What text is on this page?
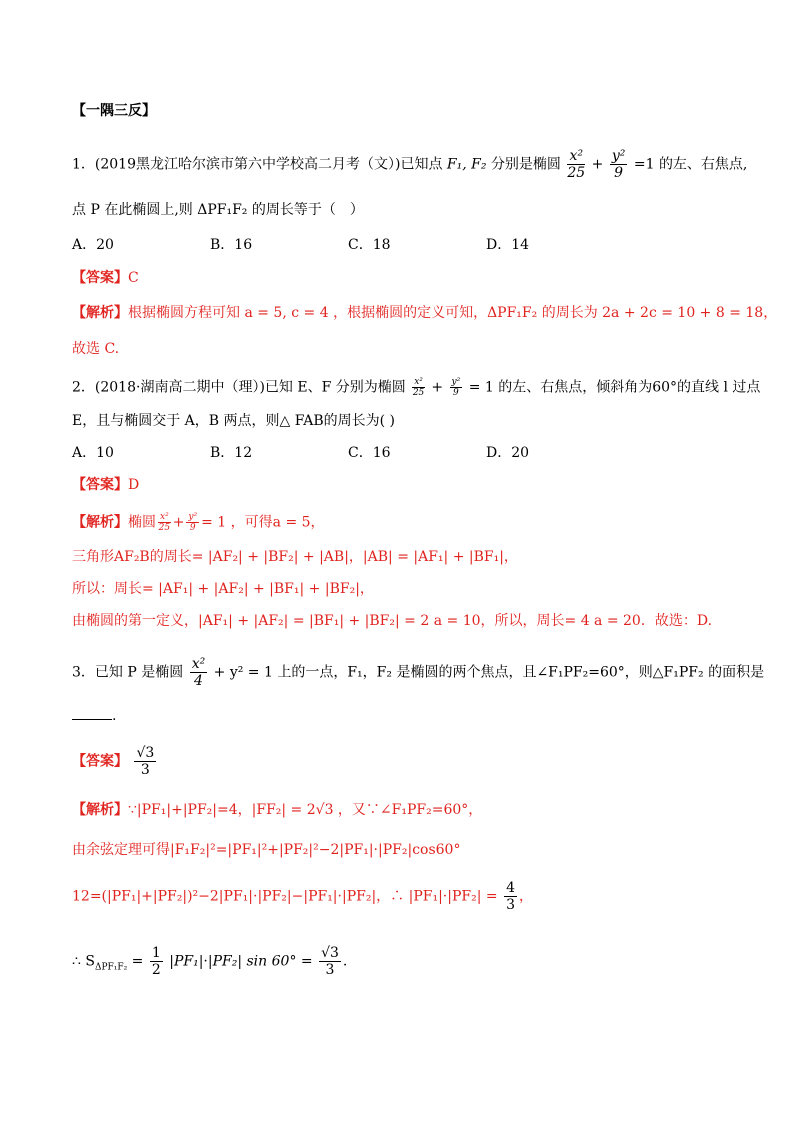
【一隅三反】
1．(2019黑龙江哈尔滨市第六中学校高二月考（文）)已知点 F₁, F₂ 分别是椭圆 $\frac{\text{x²}}{25} + \frac{\text{y²}}{9} =1$ 的左、右焦点,
点 P 在此椭圆上,则 ΔPF₁F₂ 的周长等于（　）
A．20	B．16	C．18	D．14
【答案】C
【解析】根据椭圆方程可知 a = 5, c = 4 ，根据椭圆的定义可知，ΔPF₁F₂ 的周长为 2a + 2c = 10 + 8 = 18，
故选 C.
2．(2018·湖南高二期中（理）)已知 E、F 分别为椭圆 $\frac{\text{x²}}{25} + \frac{\text{y²}}{9} = 1$ 的左、右焦点，倾斜角为60°的直线 l 过点
E，且与椭圆交于 A，B 两点，则△ FAB的周长为( )
A．10	B．12	C．16	D．20
【答案】D
【解析】椭圆 $\frac{\text{x²}}{25} + \frac{\text{y²}}{9} = 1$ ，可得a = 5，
三角形AF₂B的周长= |AF₂| + |BF₂| + |AB|，|AB| = |AF₁| + |BF₁|，
所以：周长= |AF₁| + |AF₂| + |BF₁| + |BF₂|，
由椭圆的第一定义，|AF₁| + |AF₂| = |BF₁| + |BF₂| = 2 a = 10，所以，周长= 4 a = 20．故选：D.
3．已知 P 是椭圆 $\frac{\text{x²}}{4} + y^2 = 1$ 上的一点，F₁，F₂ 是椭圆的两个焦点，且∠F₁PF₂=60°，则△F₁PF₂ 的面积是
.
【答案】 $\frac{√3}{3}$
【解析】∵|PF₁|+|PF₂|=4，|FF₂| = 2√3 ，又∵∠F₁PF₂=60°，
由余弦定理可得|F₁F₂|²=|PF₁|²+|PF₂|²−2|PF₁|·|PF₂|cos60°
12=(|PF₁|+|PF₂|)²−2|PF₁|·|PF₂|−|PF₁|·|PF₂|，∴ $|PF_1|\cdot|PF_2| = \frac{4}{3}$ ，
∴ $S_{\Delta PF_1F_2} = \frac{1}{2} |PF_1|\cdot|PF_2|$ $\sin 60^\circ = \frac{√3}{3}$ .
